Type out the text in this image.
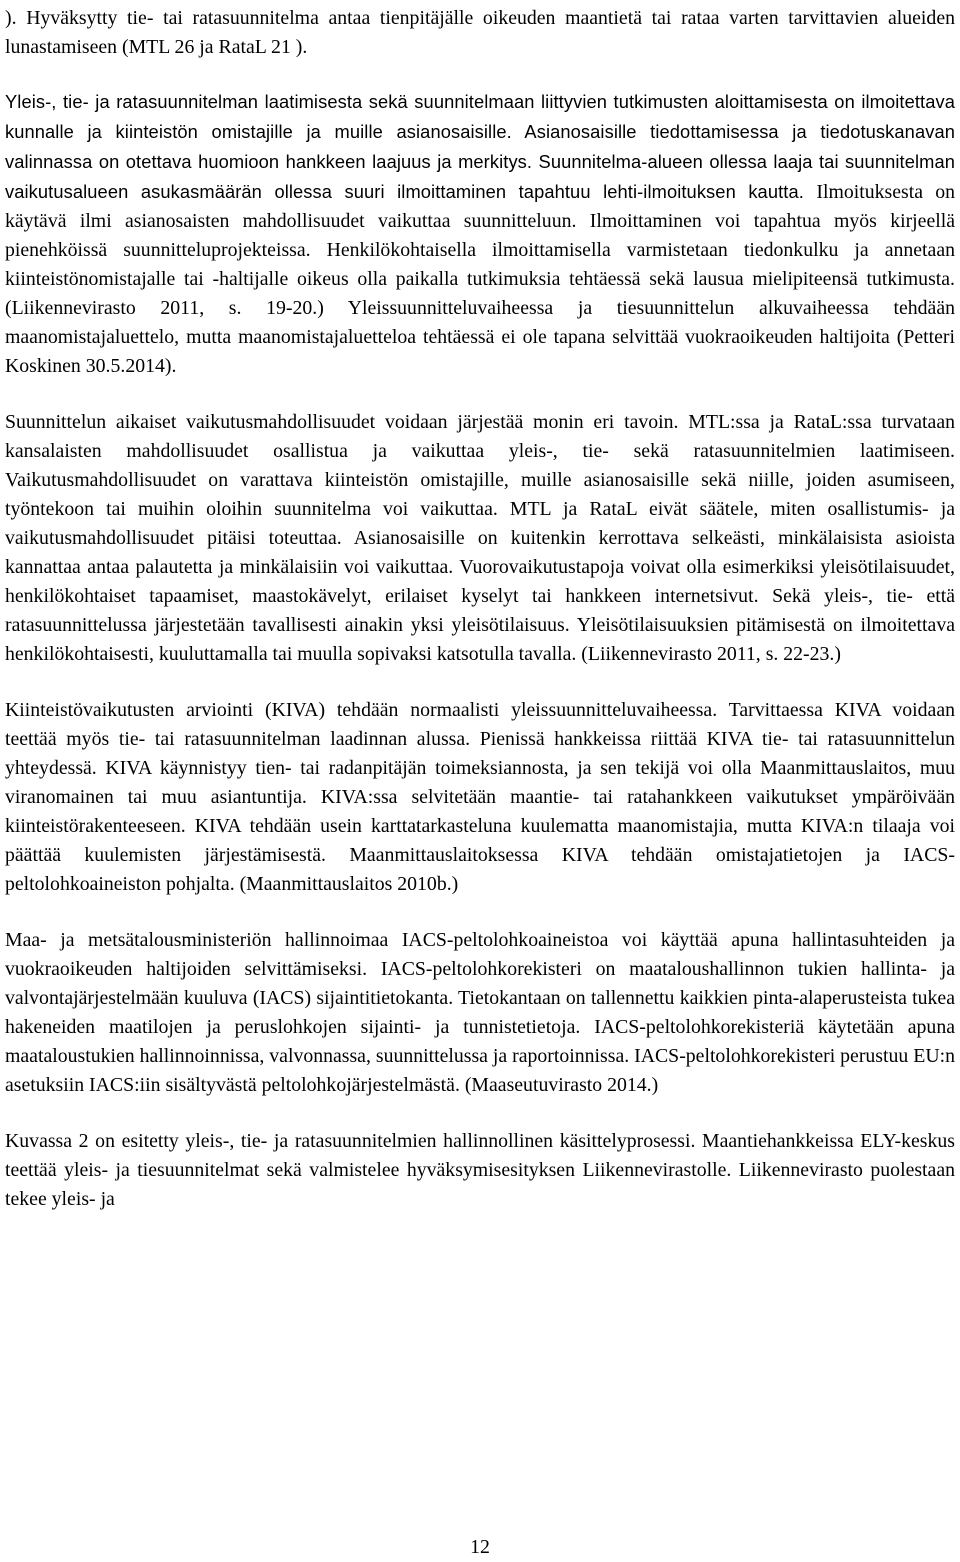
). Hyväksytty tie- tai ratasuunnitelma antaa tienpitäjälle oikeuden maantietä tai rataa varten tarvittavien alueiden lunastamiseen (MTL 26 ja RataL 21 ).

Yleis-, tie- ja ratasuunnitelman laatimisesta sekä suunnitelmaan liittyvien tutkimusten aloittamisesta on ilmoitettava kunnalle ja kiinteistön omistajille ja muille asianosaisille. Asianosaisille tiedottamisessa ja tiedotuskanavan valinnassa on otettava huomioon hankkeen laajuus ja merkitys. Suunnitelma-alueen ollessa laaja tai suunnitelman vaikutusalueen asukasmäärän ollessa suuri ilmoittaminen tapahtuu lehti-ilmoituksen kautta. Ilmoituksesta on käytävä ilmi asianosaisten mahdollisuudet vaikuttaa suunnitteluun. Ilmoittaminen voi tapahtua myös kirjeellä pienehköissä suunnitteluprojekteissa. Henkilökohtaisella ilmoittamisella varmistetaan tiedonkulku ja annetaan kiinteistönomistajalle tai -haltijalle oikeus olla paikalla tutkimuksia tehtäessä sekä lausua mielipiteensä tutkimusta. (Liikennevirasto 2011, s. 19-20.) Yleissuunnitteluvaiheessa ja tiesuunnittelun alkuvaiheessa tehdään maanomistajaluettelo, mutta maanomistajaluetteloa tehtäessä ei ole tapana selvittää vuokraoikeuden haltijoita (Petteri Koskinen 30.5.2014).

Suunnittelun aikaiset vaikutusmahdollisuudet voidaan järjestää monin eri tavoin. MTL:ssa ja RataL:ssa turvataan kansalaisten mahdollisuudet osallistua ja vaikuttaa yleis-, tie- sekä ratasuunnitelmien laatimiseen. Vaikutusmahdollisuudet on varattava kiinteistön omistajille, muille asianosaisille sekä niille, joiden asumiseen, työntekoon tai muihin oloihin suunnitelma voi vaikuttaa. MTL ja RataL eivät säätele, miten osallistumis- ja vaikutusmahdollisuudet pitäisi toteuttaa. Asianosaisille on kuitenkin kerrottava selkeästi, minkälaisista asioista kannattaa antaa palautetta ja minkälaisiin voi vaikuttaa. Vuorovaikutustapoja voivat olla esimerkiksi yleisötilaisuudet, henkilökohtaiset tapaamiset, maastokävelyt, erilaiset kyselyt tai hankkeen internetsivut. Sekä yleis-, tie- että ratasuunnittelussa järjestetään tavallisesti ainakin yksi yleisötilaisuus. Yleisötilaisuuksien pitämisestä on ilmoitettava henkilökohtaisesti, kuuluttamalla tai muulla sopivaksi katsotulla tavalla. (Liikennevirasto 2011, s. 22-23.)

Kiinteistövaikutusten arviointi (KIVA) tehdään normaalisti yleissuunnitteluvaiheessa. Tarvittaessa KIVA voidaan teettää myös tie- tai ratasuunnitelman laadinnan alussa. Pienissä hankkeissa riittää KIVA tie- tai ratasuunnittelun yhteydessä. KIVA käynnistyy tien- tai radanpitäjän toimeksiannosta, ja sen tekijä voi olla Maanmittauslaitos, muu viranomainen tai muu asiantuntija. KIVA:ssa selvitetään maantie- tai ratahankkeen vaikutukset ympäröivään kiinteistörakenteeseen. KIVA tehdään usein karttatarkasteluna kuulematta maanomistajia, mutta KIVA:n tilaaja voi päättää kuulemisten järjestämisestä. Maanmittauslaitoksessa KIVA tehdään omistajatietojen ja IACS-peltolohkoaineiston pohjalta. (Maanmittauslaitos 2010b.)

Maa- ja metsätalousministeriön hallinnoimaa IACS-peltolohkoaineistoa voi käyttää apuna hallintasuhteiden ja vuokraoikeuden haltijoiden selvittämiseksi. IACS-peltolohkorekisteri on maataloushallinnon tukien hallinta- ja valvontajärjestelmään kuuluva (IACS) sijaintitietokanta. Tietokantaan on tallennettu kaikkien pinta-alaperusteista tukea hakeneiden maatilojen ja peruslohkojen sijainti- ja tunnistetietoja. IACS-peltolohkorekisteriä käytetään apuna maataloustukien hallinnoinnissa, valvonnassa, suunnittelussa ja raportoinnissa. IACS-peltolohkorekisteri perustuu EU:n asetuksiin IACS:iin sisältyvästä peltolohkojärjestelmästä. (Maaseutuvirasto 2014.)

Kuvassa 2 on esitetty yleis-, tie- ja ratasuunnitelmien hallinnollinen käsittelyprosessi. Maantiehankkeissa ELY-keskus teettää yleis- ja tiesuunnitelmat sekä valmistelee hyväksymisesityksen Liikennevirastolle. Liikennevirasto puolestaan tekee yleis- ja

12
